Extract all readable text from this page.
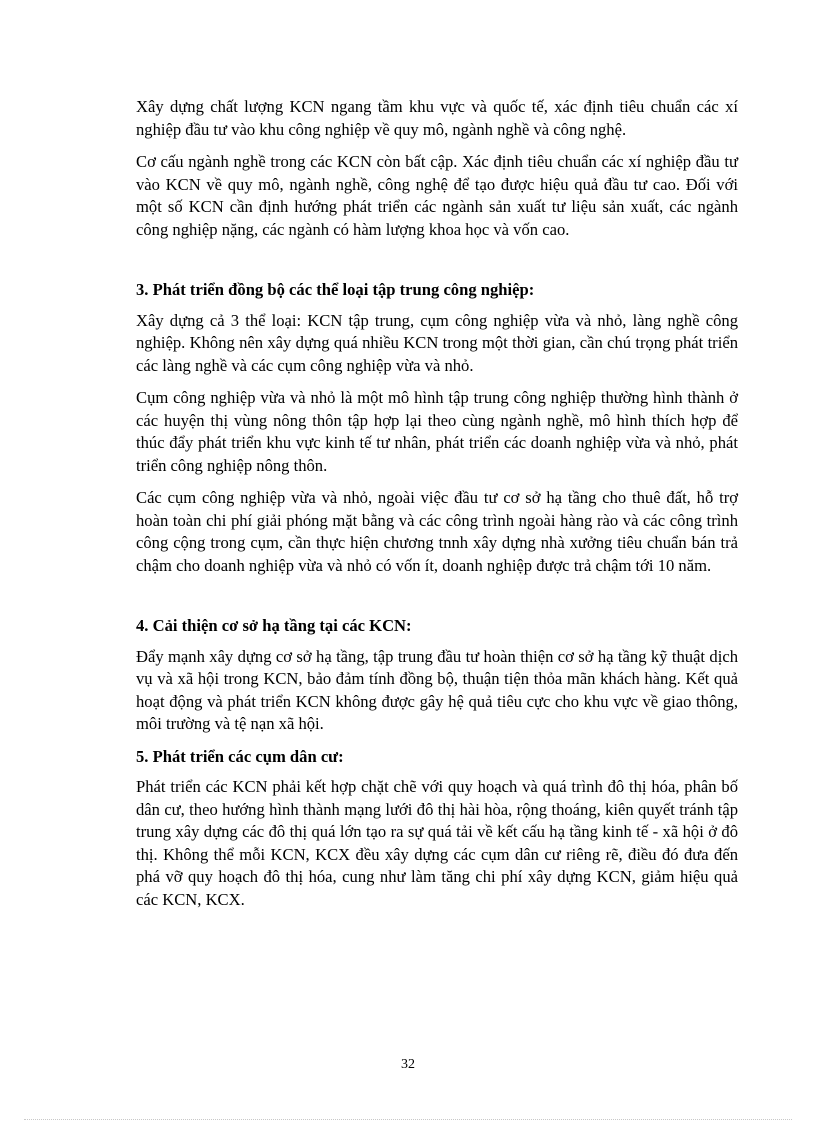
Xây dựng chất lượng KCN ngang tầm khu vực và quốc tế, xác định tiêu chuẩn các xí nghiệp đầu tư vào khu công nghiệp về quy mô, ngành nghề và công nghệ.

Cơ cấu ngành nghề trong các KCN còn bất cập. Xác định tiêu chuẩn các xí nghiệp đầu tư vào KCN về quy mô, ngành nghề, công nghệ để tạo được hiệu quả đầu tư cao. Đối với một số KCN cần định hướng phát triển các ngành sản xuất tư liệu sản xuất, các ngành công nghiệp nặng, các ngành có hàm lượng khoa học và vốn cao.

3. Phát triển đồng bộ các thể loại tập trung công nghiệp:

Xây dựng cả 3 thể loại: KCN tập trung, cụm công nghiệp vừa và nhỏ, làng nghề công nghiệp. Không nên xây dựng quá nhiều KCN trong một thời gian, cần chú trọng phát triển các làng nghề và các cụm công nghiệp vừa và nhỏ.

Cụm công nghiệp vừa và nhỏ là một mô hình tập trung công nghiệp thường hình thành ở các huyện thị vùng nông thôn tập hợp lại theo cùng ngành nghề, mô hình thích hợp để thúc đẩy phát triển khu vực kinh tế tư nhân, phát triển các doanh nghiệp vừa và nhỏ, phát triển công nghiệp nông thôn.

Các cụm công nghiệp vừa và nhỏ, ngoài việc đầu tư cơ sở hạ tầng cho thuê đất, hỗ trợ hoàn toàn chi phí giải phóng mặt bằng và các công trình ngoài hàng rào và các công trình công cộng trong cụm, cần thực hiện chương tnnh xây dựng nhà xưởng tiêu chuẩn bán trả chậm cho doanh nghiệp vừa và nhỏ có vốn ít, doanh nghiệp được trả chậm tới 10 năm.

4. Cải thiện cơ sở hạ tầng tại các KCN:

Đẩy mạnh xây dựng cơ sở hạ tầng, tập trung đầu tư hoàn thiện cơ sở hạ tầng kỹ thuật dịch vụ và xã hội trong KCN, bảo đảm tính đồng bộ, thuận tiện thỏa mãn khách hàng. Kết quả hoạt động và phát triển KCN không được gây hệ quả tiêu cực cho khu vực về giao thông, môi trường và tệ nạn xã hội.

5. Phát triển các cụm dân cư:

Phát triển các KCN phải kết hợp chặt chẽ với quy hoạch và quá trình đô thị hóa, phân bố dân cư, theo hướng hình thành mạng lưới đô thị hài hòa, rộng thoáng, kiên quyết tránh tập trung xây dựng các đô thị quá lớn tạo ra sự quá tải về kết cấu hạ tầng kinh tế - xã hội ở đô thị. Không thể mỗi KCN, KCX đều xây dựng các cụm dân cư riêng rẽ, điều đó đưa đến phá vỡ quy hoạch đô thị hóa, cung như làm tăng chi phí xây dựng KCN, giảm hiệu quả các KCN, KCX.

32
